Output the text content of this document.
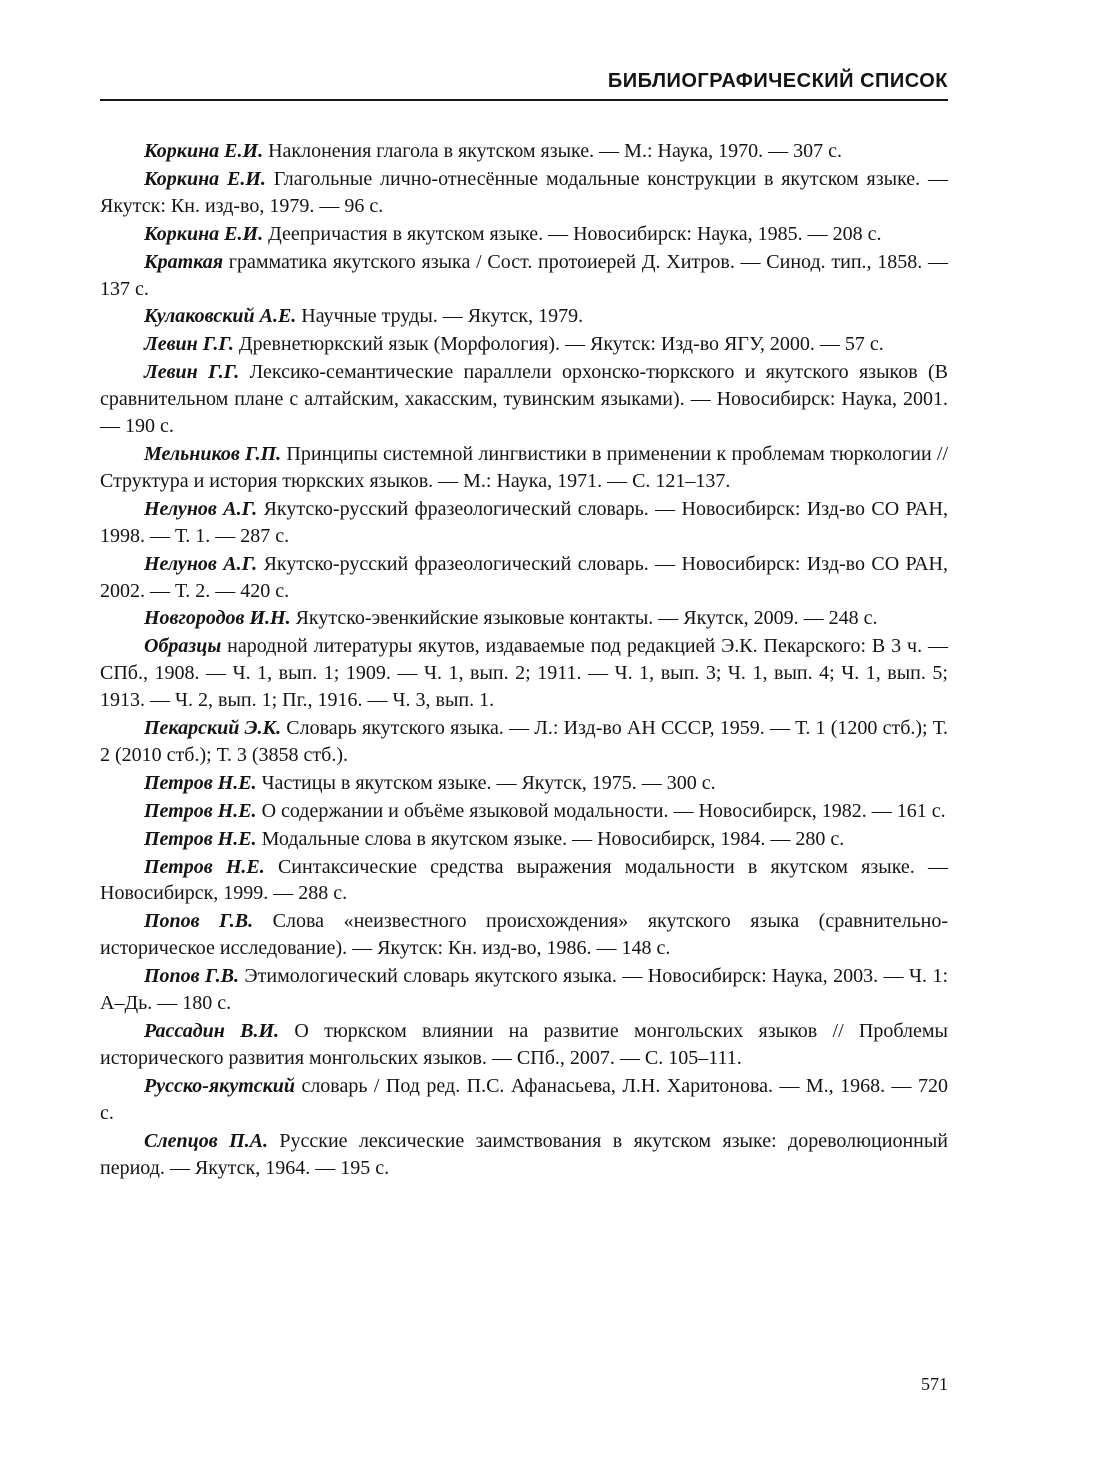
БИБЛИОГРАФИЧЕСКИЙ СПИСОК

Коркина Е.И. Наклонения глагола в якутском языке. — М.: Наука, 1970. — 307 с.

Коркина Е.И. Глагольные лично-отнесённые модальные конструкции в якутском языке. — Якутск: Кн. изд-во, 1979. — 96 с.

Коркина Е.И. Деепричастия в якутском языке. — Новосибирск: Наука, 1985. — 208 с.

Краткая грамматика якутского языка / Сост. протоиерей Д. Хитров. — Синод. тип., 1858. — 137 с.

Кулаковский А.Е. Научные труды. — Якутск, 1979.

Левин Г.Г. Древнетюркский язык (Морфология). — Якутск: Изд-во ЯГУ, 2000. — 57 с.

Левин Г.Г. Лексико-семантические параллели орхонско-тюркского и якутского языков (В сравнительном плане с алтайским, хакасским, тувинским языками). — Новосибирск: Наука, 2001. — 190 с.

Мельников Г.П. Принципы системной лингвистики в применении к проблемам тюркологии // Структура и история тюркских языков. — М.: Наука, 1971. — С. 121–137.

Нелунов А.Г. Якутско-русский фразеологический словарь. — Новосибирск: Изд-во СО РАН, 1998. — Т. 1. — 287 с.

Нелунов А.Г. Якутско-русский фразеологический словарь. — Новосибирск: Изд-во СО РАН, 2002. — Т. 2. — 420 с.

Новгородов И.Н. Якутско-эвенкийские языковые контакты. — Якутск, 2009. — 248 с.

Образцы народной литературы якутов, издаваемые под редакцией Э.К. Пекарского: В 3 ч. — СПб., 1908. — Ч. 1, вып. 1; 1909. — Ч. 1, вып. 2; 1911. — Ч. 1, вып. 3; Ч. 1, вып. 4; Ч. 1, вып. 5; 1913. — Ч. 2, вып. 1; Пг., 1916. — Ч. 3, вып. 1.

Пекарский Э.К. Словарь якутского языка. — Л.: Изд-во АН СССР, 1959. — Т. 1 (1200 стб.); Т. 2 (2010 стб.); Т. 3 (3858 стб.).

Петров Н.Е. Частицы в якутском языке. — Якутск, 1975. — 300 с.

Петров Н.Е. О содержании и объёме языковой модальности. — Новосибирск, 1982. — 161 с.

Петров Н.Е. Модальные слова в якутском языке. — Новосибирск, 1984. — 280 с.

Петров Н.Е. Синтаксические средства выражения модальности в якутском языке. — Новосибирск, 1999. — 288 с.

Попов Г.В. Слова «неизвестного происхождения» якутского языка (сравнительно-историческое исследование). — Якутск: Кн. изд-во, 1986. — 148 с.

Попов Г.В. Этимологический словарь якутского языка. — Новосибирск: Наука, 2003. — Ч. 1: А–Дь. — 180 с.

Рассадин В.И. О тюркском влиянии на развитие монгольских языков // Проблемы исторического развития монгольских языков. — СПб., 2007. — С. 105–111.

Русско-якутский словарь / Под ред. П.С. Афанасьева, Л.Н. Харитонова. — М., 1968. — 720 с.

Слепцов П.А. Русские лексические заимствования в якутском языке: дореволюционный период. — Якутск, 1964. — 195 с.

571
